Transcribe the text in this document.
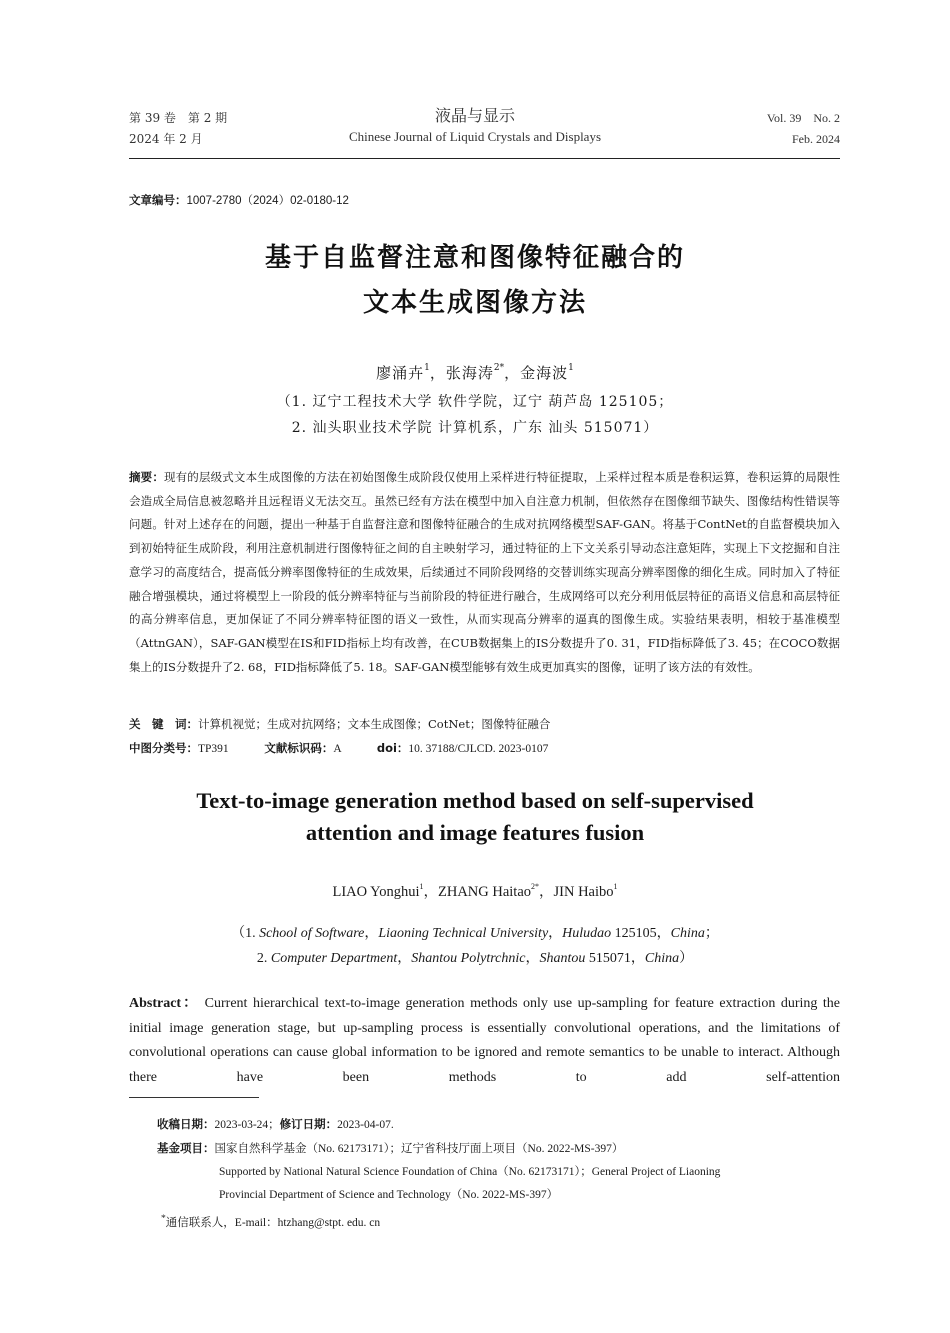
第 39 卷　第 2 期
2024 年 2 月
液晶与显示
Chinese Journal of Liquid Crystals and Displays
Vol. 39　No. 2
Feb. 2024
文章编号：1007-2780（2024）02-0180-12
基于自监督注意和图像特征融合的
文本生成图像方法
廖涌卉$^1$，张海涛$^{2*}$，金海波$^1$
（1. 辽宁工程技术大学 软件学院，辽宁 葫芦岛 125105；
2. 汕头职业技术学院 计算机系，广东 汕头 515071）
摘要：现有的层级式文本生成图像的方法在初始图像生成阶段仅使用上采样进行特征提取，上采样过程本质是卷积运算，卷积运算的局限性会造成全局信息被忽略并且远程语义无法交互。虽然已经有方法在模型中加入自注意力机制，但依然存在图像细节缺失、图像结构性错误等问题。针对上述存在的问题，提出一种基于自监督注意和图像特征融合的生成对抗网络模型SAF-GAN。将基于ContNet的自监督模块加入到初始特征生成阶段，利用注意机制进行图像特征之间的自主映射学习，通过特征的上下文关系引导动态注意矩阵，实现上下文挖掘和自注意学习的高度结合，提高低分辨率图像特征的生成效果，后续通过不同阶段网络的交替训练实现高分辨率图像的细化生成。同时加入了特征融合增强模块，通过将模型上一阶段的低分辨率特征与当前阶段的特征进行融合，生成网络可以充分利用低层特征的高语义信息和高层特征的高分辨率信息，更加保证了不同分辨率特征图的语义一致性，从而实现高分辨率的逼真的图像生成。实验结果表明，相较于基准模型（AttnGAN），SAF-GAN模型在IS和FID指标上均有改善，在CUB数据集上的IS分数提升了0. 31，FID指标降低了3. 45；在COCO数据集上的IS分数提升了2. 68，FID指标降低了5. 18。SAF-GAN模型能够有效生成更加真实的图像，证明了该方法的有效性。
关　键　词：计算机视觉；生成对抗网络；文本生成图像；CotNet；图像特征融合
中图分类号：TP391	文献标识码：A	doi：10. 37188/CJLCD. 2023-0107
Text-to-image generation method based on self-supervised
attention and image features fusion
LIAO Yonghui$^1$，ZHANG Haitao$^{2*}$，JIN Haibo$^1$
（1. School of Software，Liaoning Technical University，Huludao 125105，China；
2. Computer Department，Shantou Polytrchnic，Shantou 515071，China）
Abstract： Current hierarchical text-to-image generation methods only use up-sampling for feature extraction during the initial image generation stage, but up-sampling process is essentially convolutional operations, and the limitations of convolutional operations can cause global information to be ignored and remote semantics to be unable to interact. Although there have been methods to add self-attention
收稿日期：2023-03-24；修订日期：2023-04-07.
基金项目：国家自然科学基金（No. 62173171）；辽宁省科技厅面上项目（No. 2022-MS-397）
Supported by National Natural Science Foundation of China（No. 62173171）；General Project of Liaoning
Provincial Department of Science and Technology（No. 2022-MS-397）
*通信联系人，E-mail：htzhang@stpt. edu. cn
